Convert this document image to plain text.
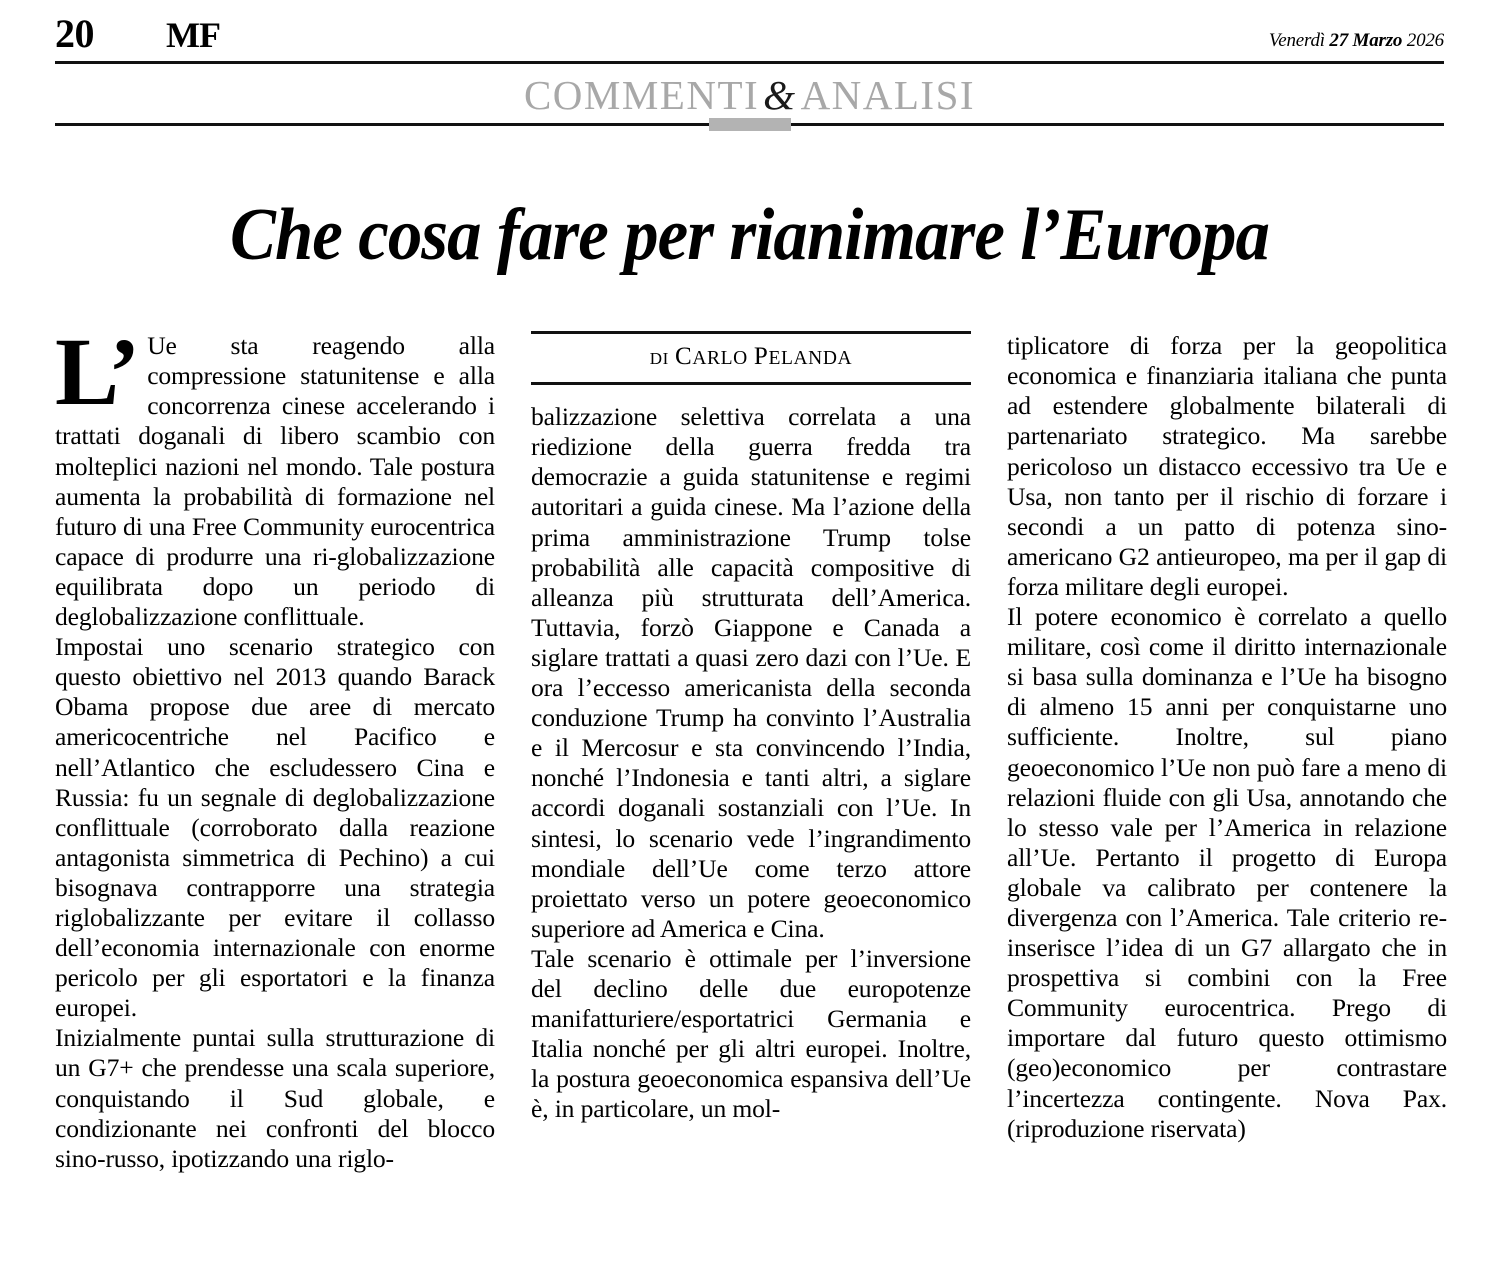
20 MF	Venerdì 27 Marzo 2026
COMMENTI&ANALISI
Che cosa fare per rianimare l’Europa

L’ Ue sta reagendo alla compressione statunitense e alla concorrenza cinese accelerando i trattati doganali di libero scambio con molteplici nazioni nel mondo. Tale postura aumenta la probabilità di formazione nel futuro di una Free Community eurocentrica capace di produrre una ri-globalizzazione equilibrata dopo un periodo di deglobalizzazione conflittuale.

Impostai uno scenario strategico con questo obiettivo nel 2013 quando Barack Obama propose due aree di mercato americocentriche nel Pacifico e nell’Atlantico che escludessero Cina e Russia: fu un segnale di deglobalizzazione conflittuale (corroborato dalla reazione antagonista simmetrica di Pechino) a cui bisognava contrapporre una strategia riglobalizzante per evitare il collasso dell’economia internazionale con enorme pericolo per gli esportatori e la finanza europei.

Inizialmente puntai sulla strutturazione di un G7+ che prendesse una scala superiore, conquistando il Sud globale, e condizionante nei confronti del blocco sino-russo, ipotizzando una riglo-

DI CARLO PELANDA

balizzazione selettiva correlata a una riedizione della guerra fredda tra democrazie a guida statunitense e regimi autoritari a guida cinese. Ma l’azione della prima amministrazione Trump tolse probabilità alle capacità compositive di alleanza più strutturata dell’America. Tuttavia, forzò Giappone e Canada a siglare trattati a quasi zero dazi con l’Ue. E ora l’eccesso americanista della seconda conduzione Trump ha convinto l’Australia e il Mercosur e sta convincendo l’India, nonché l’Indonesia e tanti altri, a siglare accordi doganali sostanziali con l’Ue. In sintesi, lo scenario vede l’ingrandimento mondiale dell’Ue come terzo attore proiettato verso un potere geoeconomico superiore ad America e Cina.

Tale scenario è ottimale per l’inversione del declino delle due europotenze manifatturiere/esportatrici Germania e Italia nonché per gli altri europei. Inoltre, la postura geoeconomica espansiva dell’Ue è, in particolare, un mol-

tiplicatore di forza per la geopolitica economica e finanziaria italiana che punta ad estendere globalmente bilaterali di partenariato strategico. Ma sarebbe pericoloso un distacco eccessivo tra Ue e Usa, non tanto per il rischio di forzare i secondi a un patto di potenza sino-americano G2 antieuropeo, ma per il gap di forza militare degli europei.

Il potere economico è correlato a quello militare, così come il diritto internazionale si basa sulla dominanza e l’Ue ha bisogno di almeno 15 anni per conquistarne uno sufficiente. Inoltre, sul piano geoeconomico l’Ue non può fare a meno di relazioni fluide con gli Usa, annotando che lo stesso vale per l’America in relazione all’Ue. Pertanto il progetto di Europa globale va calibrato per contenere la divergenza con l’America. Tale criterio re-inserisce l’idea di un G7 allargato che in prospettiva si combini con la Free Community eurocentrica. Prego di importare dal futuro questo ottimismo (geo)economico per contrastare l’incertezza contingente. Nova Pax. (riproduzione riservata)
